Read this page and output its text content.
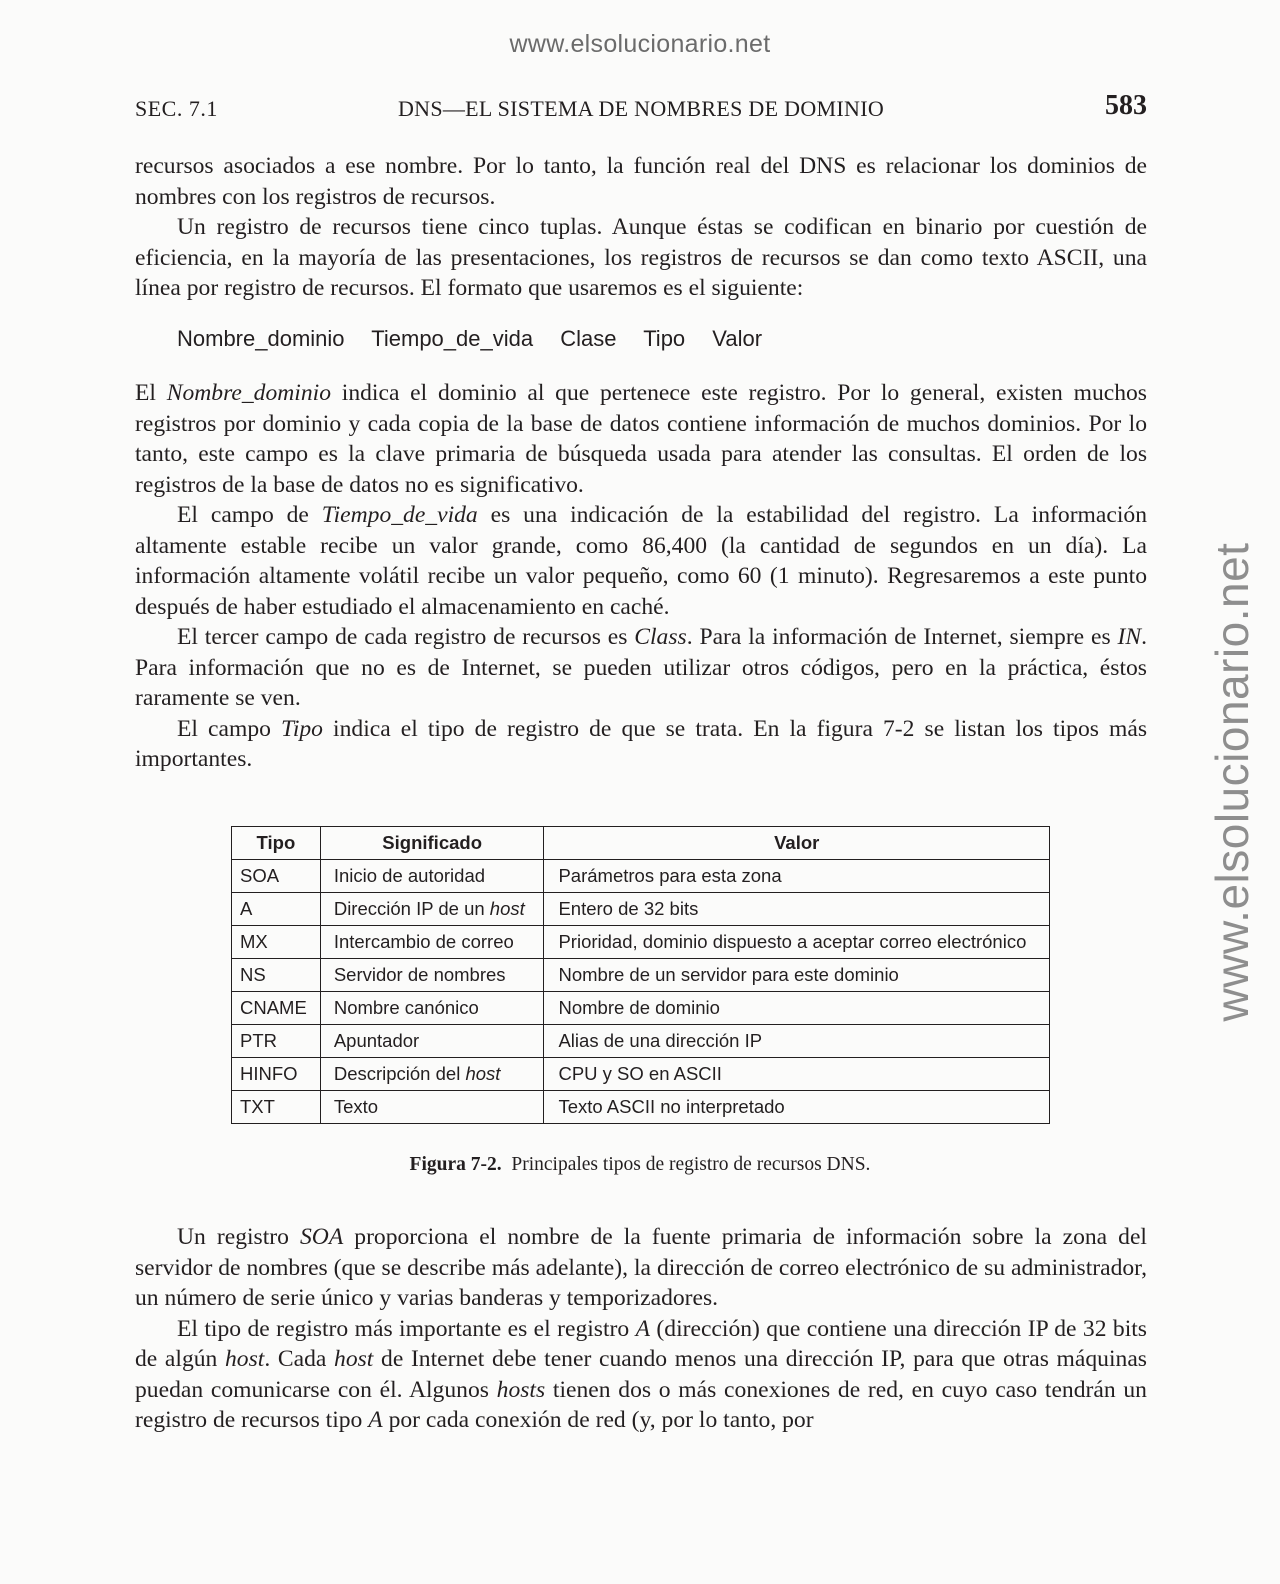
www.elsolucionario.net
www.elsolucionario.net
SEC. 7.1	DNS—EL SISTEMA DE NOMBRES DE DOMINIO	583

recursos asociados a ese nombre. Por lo tanto, la función real del DNS es relacionar los dominios de nombres con los registros de recursos.

Un registro de recursos tiene cinco tuplas. Aunque éstas se codifican en binario por cuestión de eficiencia, en la mayoría de las presentaciones, los registros de recursos se dan como texto ASCII, una línea por registro de recursos. El formato que usaremos es el siguiente:

Nombre_dominio Tiempo_de_vida Clase Tipo Valor

El Nombre_dominio indica el dominio al que pertenece este registro. Por lo general, existen muchos registros por dominio y cada copia de la base de datos contiene información de muchos dominios. Por lo tanto, este campo es la clave primaria de búsqueda usada para atender las consultas. El orden de los registros de la base de datos no es significativo.

El campo de Tiempo_de_vida es una indicación de la estabilidad del registro. La información altamente estable recibe un valor grande, como 86,400 (la cantidad de segundos en un día). La información altamente volátil recibe un valor pequeño, como 60 (1 minuto). Regresaremos a este punto después de haber estudiado el almacenamiento en caché.

El tercer campo de cada registro de recursos es Class. Para la información de Internet, siempre es IN. Para información que no es de Internet, se pueden utilizar otros códigos, pero en la práctica, éstos raramente se ven.

El campo Tipo indica el tipo de registro de que se trata. En la figura 7-2 se listan los tipos más importantes.

Tipo	Significado	Valor
SOA	Inicio de autoridad	Parámetros para esta zona
A	Dirección IP de un host	Entero de 32 bits
MX	Intercambio de correo	Prioridad, dominio dispuesto a aceptar correo electrónico
NS	Servidor de nombres	Nombre de un servidor para este dominio
CNAME	Nombre canónico	Nombre de dominio
PTR	Apuntador	Alias de una dirección IP
HINFO	Descripción del host	CPU y SO en ASCII
TXT	Texto	Texto ASCII no interpretado
Figura 7-2. Principales tipos de registro de recursos DNS.

Un registro SOA proporciona el nombre de la fuente primaria de información sobre la zona del servidor de nombres (que se describe más adelante), la dirección de correo electrónico de su administrador, un número de serie único y varias banderas y temporizadores.

El tipo de registro más importante es el registro A (dirección) que contiene una dirección IP de 32 bits de algún host. Cada host de Internet debe tener cuando menos una dirección IP, para que otras máquinas puedan comunicarse con él. Algunos hosts tienen dos o más conexiones de red, en cuyo caso tendrán un registro de recursos tipo A por cada conexión de red (y, por lo tanto, por
